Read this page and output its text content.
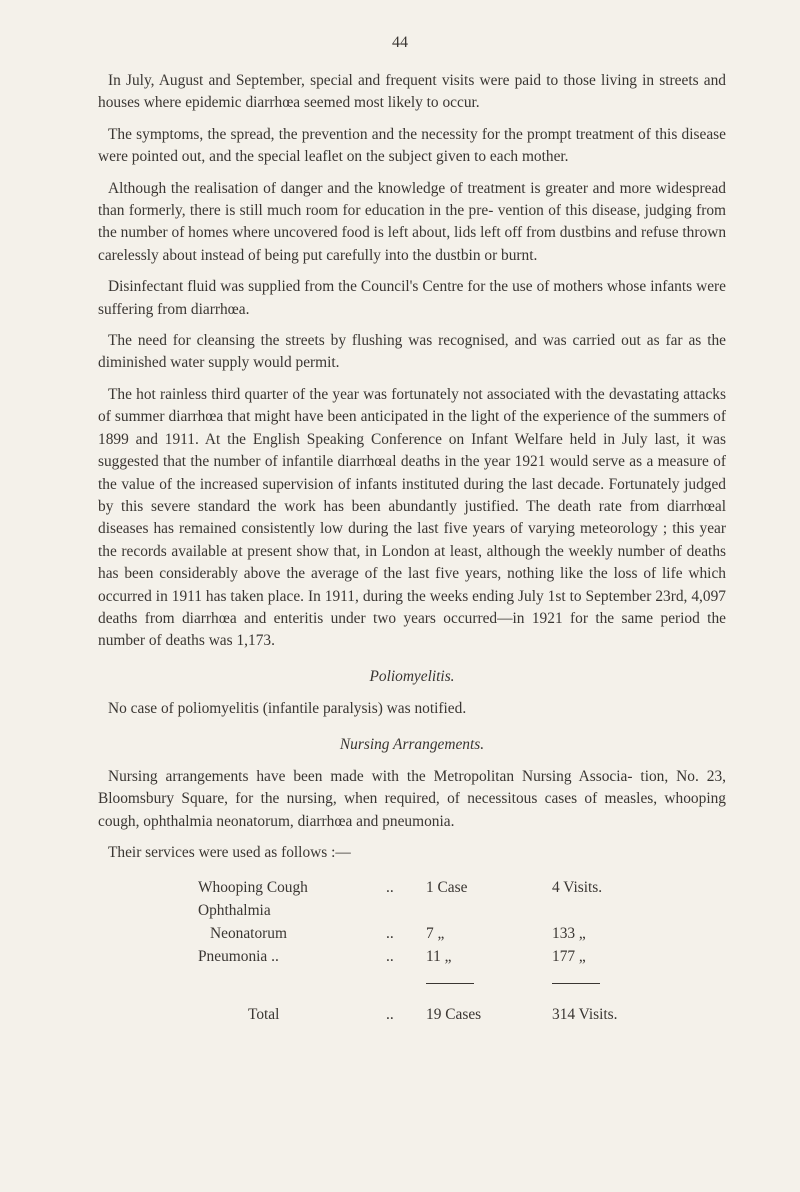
44

In July, August and September, special and frequent visits were paid to those living in streets and houses where epidemic diarrhœa seemed most likely to occur.

The symptoms, the spread, the prevention and the necessity for the prompt treatment of this disease were pointed out, and the special leaflet on the subject given to each mother.

Although the realisation of danger and the knowledge of treatment is greater and more widespread than formerly, there is still much room for education in the pre- vention of this disease, judging from the number of homes where uncovered food is left about, lids left off from dustbins and refuse thrown carelessly about instead of being put carefully into the dustbin or burnt.

Disinfectant fluid was supplied from the Council's Centre for the use of mothers whose infants were suffering from diarrhœa.

The need for cleansing the streets by flushing was recognised, and was carried out as far as the diminished water supply would permit.

The hot rainless third quarter of the year was fortunately not associated with the devastating attacks of summer diarrhœa that might have been anticipated in the light of the experience of the summers of 1899 and 1911. At the English Speaking Conference on Infant Welfare held in July last, it was suggested that the number of infantile diarrhœal deaths in the year 1921 would serve as a measure of the value of the increased supervision of infants instituted during the last decade. Fortunately judged by this severe standard the work has been abundantly justified. The death rate from diarrhœal diseases has remained consistently low during the last five years of varying meteorology ; this year the records available at present show that, in London at least, although the weekly number of deaths has been considerably above the average of the last five years, nothing like the loss of life which occurred in 1911 has taken place. In 1911, during the weeks ending July 1st to September 23rd, 4,097 deaths from diarrhœa and enteritis under two years occurred—in 1921 for the same period the number of deaths was 1,173.

Poliomyelitis.

No case of poliomyelitis (infantile paralysis) was notified.

Nursing Arrangements.

Nursing arrangements have been made with the Metropolitan Nursing Associa- tion, No. 23, Bloomsbury Square, for the nursing, when required, of necessitous cases of measles, whooping cough, ophthalmia neonatorum, diarrhœa and pneumonia.

Their services were used as follows :—

Whooping Cough	..	1 Case	4 Visits.
Ophthalmia			
Neonatorum	..	7 „	133 „
Pneumonia ..	..	11 „	177 „

Total	..	19 Cases	314 Visits.
